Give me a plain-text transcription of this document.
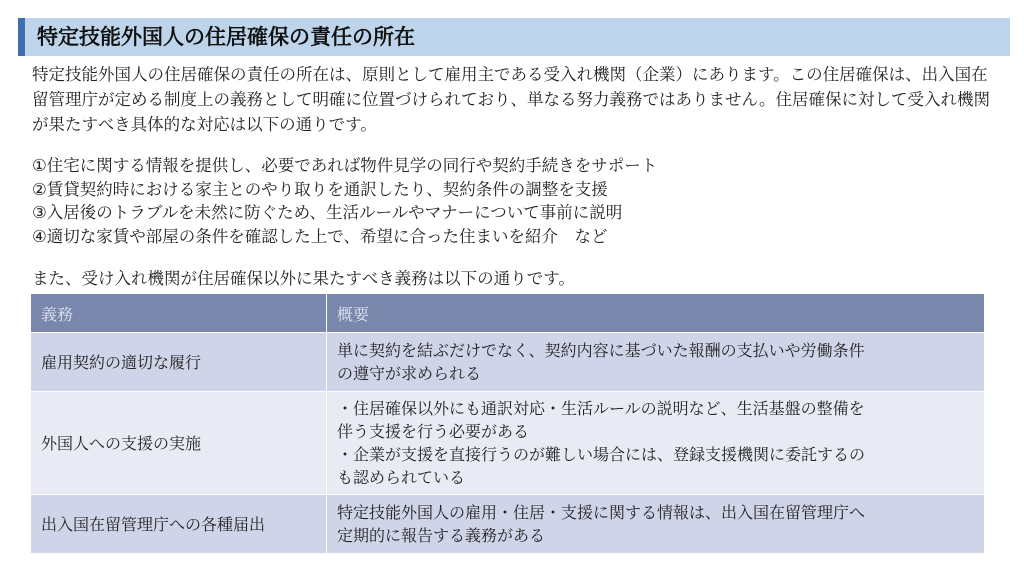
特定技能外国人の住居確保の責任の所在

特定技能外国人の住居確保の責任の所在は、原則として雇用主である受入れ機関（企業）にあります。この住居確保は、出入国在留管理庁が定める制度上の義務として明確に位置づけられており、単なる努力義務ではありません。住居確保に対して受入れ機関が果たすべき具体的な対応は以下の通りです。

①住宅に関する情報を提供し、必要であれば物件見学の同行や契約手続きをサポート
②賃貸契約時における家主とのやり取りを通訳したり、契約条件の調整を支援
③入居後のトラブルを未然に防ぐため、生活ルールやマナーについて事前に説明
④適切な家賃や部屋の条件を確認した上で、希望に合った住まいを紹介　など
また、受け入れ機関が住居確保以外に果たすべき義務は以下の通りです。
義務	概要
雇用契約の適切な履行	単に契約を結ぶだけでなく、契約内容に基づいた報酬の支払いや労働条件
の遵守が求められる

外国人への支援の実施	・住居確保以外にも通訳対応・生活ルールの説明など、生活基盤の整備を
伴う支援を行う必要がある
・企業が支援を直接行うのが難しい場合には、登録支援機関に委託するの
も認められている

出入国在留管理庁への各種届出	特定技能外国人の雇用・住居・支援に関する情報は、出入国在留管理庁へ
定期的に報告する義務がある
